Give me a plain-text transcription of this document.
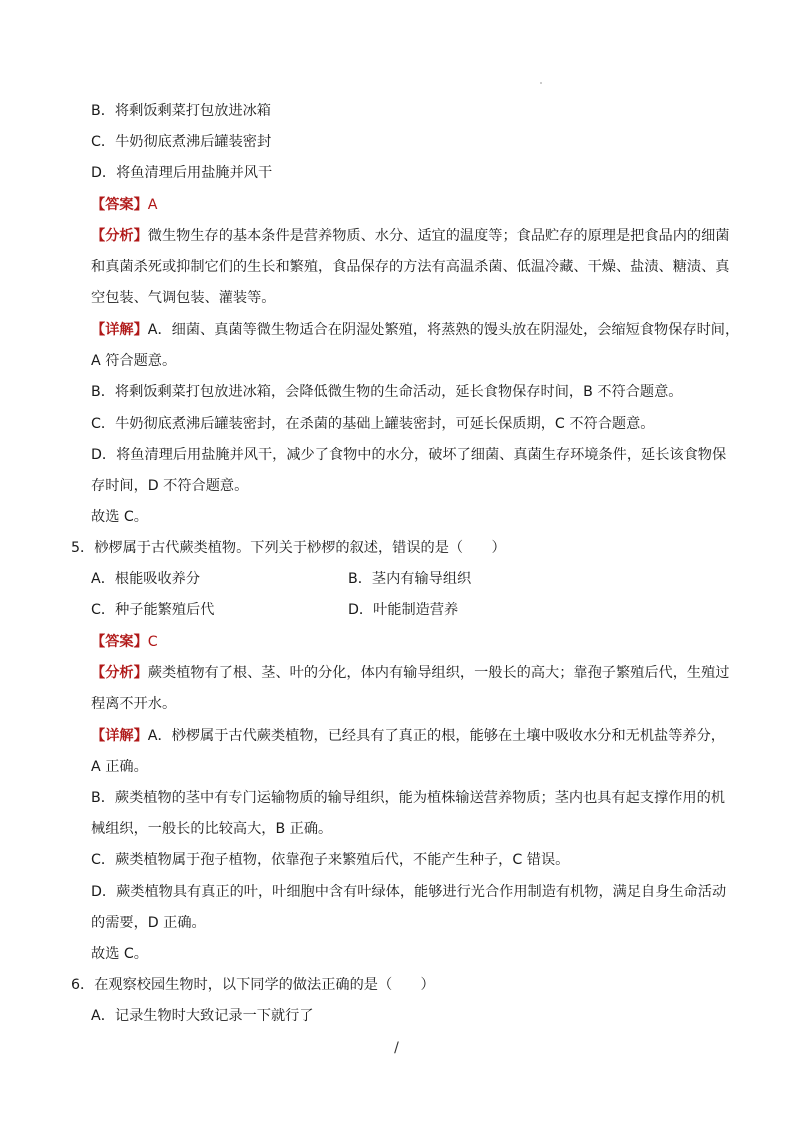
B．将剩饭剩菜打包放进冰箱
C．牛奶彻底煮沸后罐装密封
D．将鱼清理后用盐腌并风干
【答案】A
【分析】微生物生存的基本条件是营养物质、水分、适宜的温度等；食品贮存的原理是把食品内的细菌
和真菌杀死或抑制它们的生长和繁殖，食品保存的方法有高温杀菌、低温冷藏、干燥、盐渍、糖渍、真
空包装、气调包装、灌装等。
【详解】A．细菌、真菌等微生物适合在阴湿处繁殖，将蒸熟的馒头放在阴湿处，会缩短食物保存时间，
A 符合题意。
B．将剩饭剩菜打包放进冰箱，会降低微生物的生命活动，延长食物保存时间，B 不符合题意。
C．牛奶彻底煮沸后罐装密封，在杀菌的基础上罐装密封，可延长保质期，C 不符合题意。
D．将鱼清理后用盐腌并风干，减少了食物中的水分，破坏了细菌、真菌生存环境条件，延长该食物保
存时间，D 不符合题意。
故选 C。
5．桫椤属于古代蕨类植物。下列关于桫椤的叙述，错误的是（　　）
A．根能吸收养分	B．茎内有输导组织
C．种子能繁殖后代	D．叶能制造营养
【答案】C
【分析】蕨类植物有了根、茎、叶的分化，体内有输导组织，一般长的高大；靠孢子繁殖后代，生殖过
程离不开水。
【详解】A．桫椤属于古代蕨类植物，已经具有了真正的根，能够在土壤中吸收水分和无机盐等养分，
A 正确。
B．蕨类植物的茎中有专门运输物质的输导组织，能为植株输送营养物质；茎内也具有起支撑作用的机
械组织，一般长的比较高大，B 正确。
C．蕨类植物属于孢子植物，依靠孢子来繁殖后代，不能产生种子，C 错误。
D．蕨类植物具有真正的叶，叶细胞中含有叶绿体，能够进行光合作用制造有机物，满足自身生命活动
的需要，D 正确。
故选 C。
6．在观察校园生物时，以下同学的做法正确的是（　　）
A．记录生物时大致记录一下就行了
/
